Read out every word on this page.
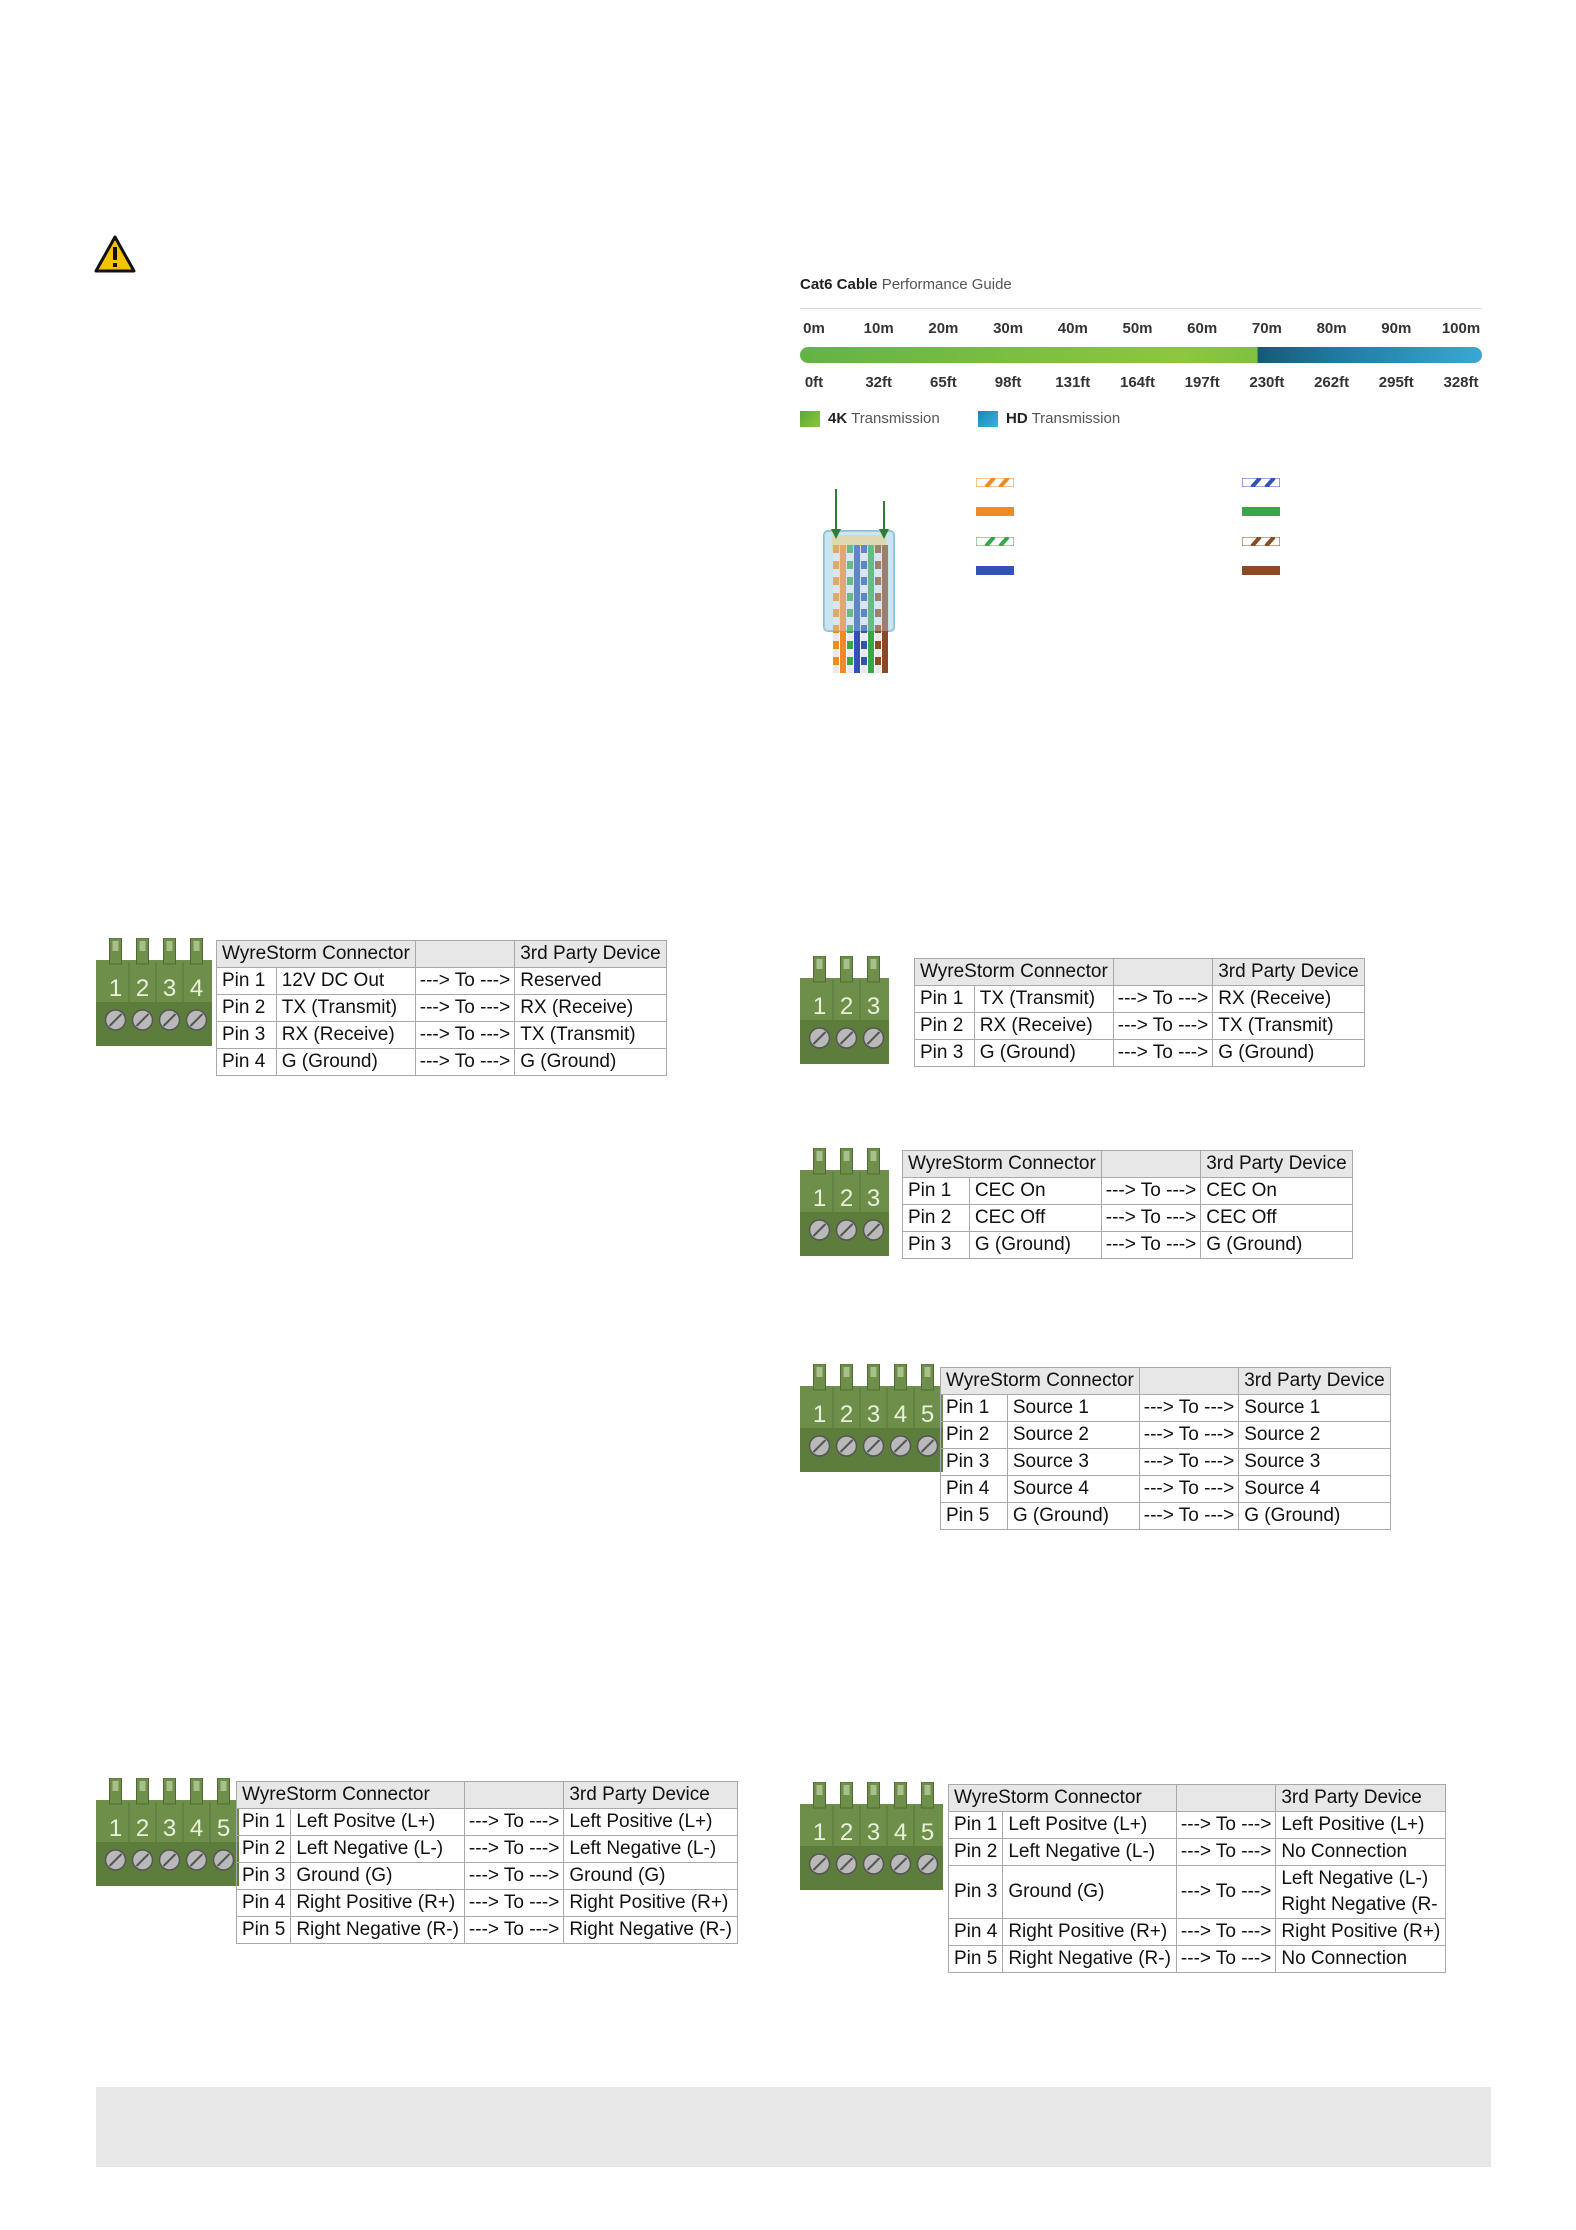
Cat6 Cable Performance Guide
0m	10m 20m 30m 40m 50m 60m 70m 80m 90m 100m
0ft	32ft	65ft	98ft 131ft 164ft 197ft 230ft 262ft 295ft 328ft
4K Transmission	HD Transmission
1 2 3 4
1 2 3
1 2 3
1 2 3 4 5
1 2 3 4 5	1 2 3 4 5
WyreStorm Connector			3rd Party Device
Pin 1	12V DC Out	---> To --->	Reserved
Pin 2	TX (Transmit)	---> To --->	RX (Receive)
Pin 3	RX (Receive)	---> To --->	TX (Transmit)
Pin 4	G (Ground)	---> To --->	G (Ground)
WyreStorm Connector			3rd Party Device
Pin 1	TX (Transmit)	---> To --->	RX (Receive)
Pin 2	RX (Receive)	---> To --->	TX (Transmit)
Pin 3	G (Ground)	---> To --->	G (Ground)
WyreStorm Connector			3rd Party Device
Pin 1	CEC On	---> To --->	CEC On
Pin 2	CEC Off	---> To --->	CEC Off
Pin 3	G (Ground)	---> To --->	G (Ground)
WyreStorm Connector			3rd Party Device
Pin 1	Source 1	---> To --->	Source 1
Pin 2	Source 2	---> To --->	Source 2
Pin 3	Source 3	---> To --->	Source 3
Pin 4	Source 4	---> To --->	Source 4
Pin 5	G (Ground)	---> To --->	G (Ground)
WyreStorm Connector			3rd Party Device
Pin 1	Left Positve (L+)	---> To --->	Left Positive (L+)
Pin 2	Left Negative (L-)	---> To --->	Left Negative (L-)
Pin 3	Ground (G)	---> To --->	Ground (G)
Pin 4	Right Positive (R+)	---> To --->	Right Positive (R+)
Pin 5	Right Negative (R-)	---> To --->	Right Negative (R-)
WyreStorm Connector			3rd Party Device
Pin 1	Left Positve (L+)	---> To --->	Left Positive (L+)
Pin 2	Left Negative (L-)	---> To --->	No Connection
Pin 3	Ground (G)	---> To --->	Left Negative (L-)
Right Negative (R-

Pin 4	Right Positive (R+)	---> To --->	Right Positive (R+)
Pin 5	Right Negative (R-)	---> To --->	No Connection
